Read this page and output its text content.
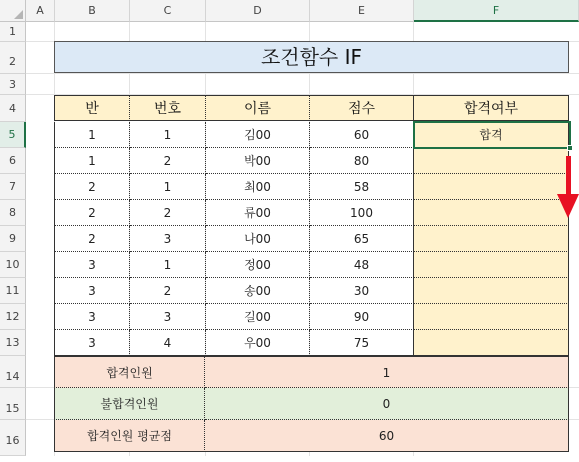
A	B	C	D	E	F
1
2
3
4
5
6
7
8
9
10
11
12
13
14
15
16
조건함수 IF
반	번호	이름	점수	합격여부
1	1	김00	60	합격
1	2	박00	80
2	1	최00	58
2	2	류00	100
2	3	나00	65
3	1	정00	48
3	2	송00	30
3	3	길00	90
3	4	우00	75
합격인원	1
불합격인원	0
합격인원 평균점	60
